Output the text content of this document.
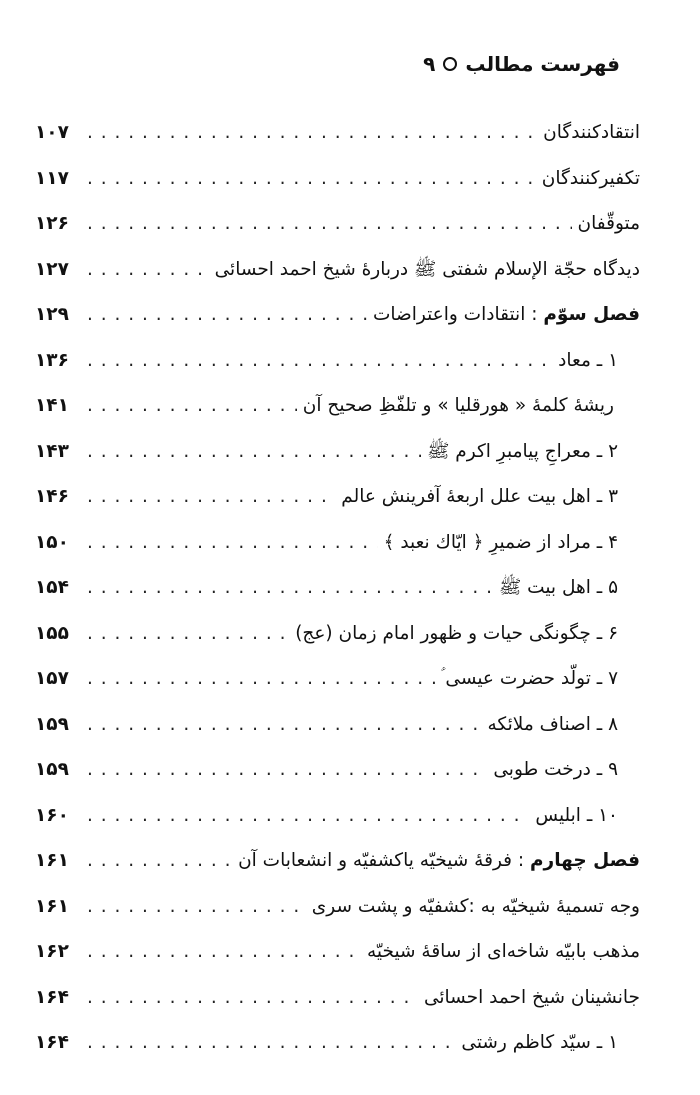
فهرست مطالب
۹
انتقادکنندگان
. . .
۱۰۷
تکفیرکنندگان
. . .
۱۱۷
متوقّفان
. . .
۱۲۶
دیدگاه حجّة الإسلام شفتی ﷺ دربارهٔ شیخ احمد احسائی
. . .
۱۲۷
فصل سوّم : انتقادات واعتراضات
. . .
۱۲۹
۱ ـ معاد
. . .
۱۳۶
ریشهٔ کلمهٔ « هورقلیا » و تلفّظِ صحیح آن
. . .
۱۴۱
۲ ـ معراجِ پیامبرِ اکرم ﷺ
. . .
۱۴۳
۳ ـ اهل بیت علل اربعهٔ آفرینش عالم
. . .
۱۴۶
۴ ـ مراد از ضمیرِ ﴿ ایّاك نعبد ﴾
. . .
۱۵۰
۵ ـ اهل بیت ﷺ
. . .
۱۵۴
۶ ـ چگونگی حیات و ظهور امام زمان (عج)
. . .
۱۵۵
۷ ـ تولّد حضرت عیسی ؑ
. . .
۱۵۷
۸ ـ اصناف ملائکه
. . .
۱۵۹
۹ ـ درخت طوبی
. . .
۱۵۹
۱۰ ـ ابلیس
. . .
۱۶۰
فصل چهارم : فرقهٔ شیخیّه یاکشفیّه و انشعابات آن
. . .
۱۶۱
وجه تسمیهٔ شیخیّه به :کشفیّه و پشت سری
. . .
۱۶۱
مذهب بابیّه شاخه‌ای از ساقهٔ شیخیّه
. . .
۱۶۲
جانشینان شیخ احمد احسائی
. . .
۱۶۴
۱ ـ سیّد کاظم رشتی
. . .
۱۶۴
